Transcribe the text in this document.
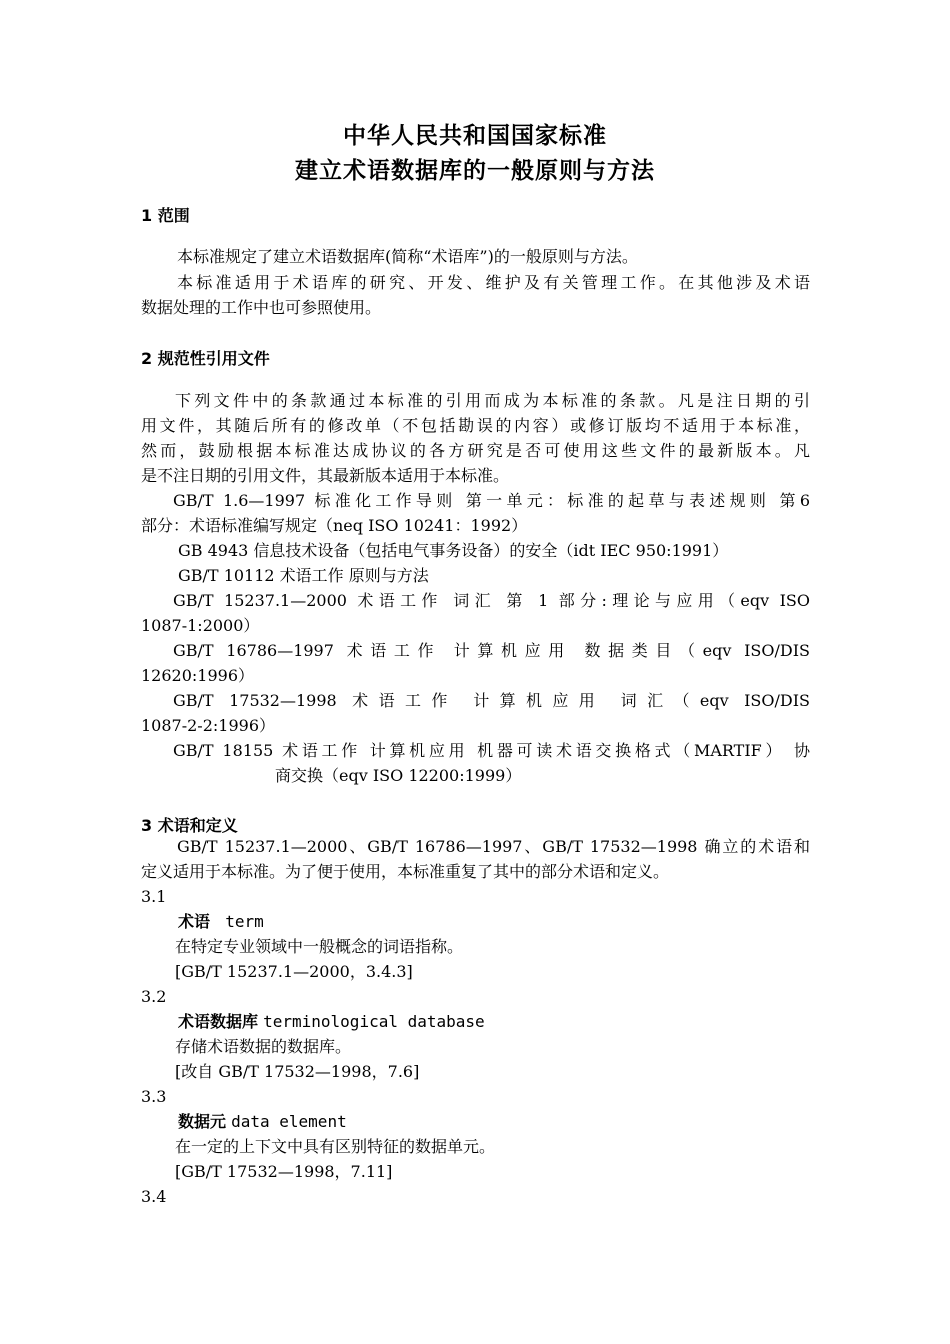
中华人民共和国国家标准
建立术语数据库的一般原则与方法
1 范围
本标准规定了建立术语数据库(简称“术语库”)的一般原则与方法。
本标准适用于术语库的研究、开发、维护及有关管理工作。在其他涉及术语
数据处理的工作中也可参照使用。
2 规范性引用文件
下列文件中的条款通过本标准的引用而成为本标准的条款。凡是注日期的引
用文件，其随后所有的修改单（不包括勘误的内容）或修订版均不适用于本标准，
然而，鼓励根据本标准达成协议的各方研究是否可使用这些文件的最新版本。凡
是不注日期的引用文件，其最新版本适用于本标准。
GB/T 1.6—1997 标准化工作导则 第一单元：标准的起草与表述规则 第6
部分：术语标准编写规定（neq ISO 10241：1992）
GB 4943 信息技术设备（包括电气事务设备）的安全（idt IEC 950:1991）
GB/T 10112 术语工作 原则与方法
GB/T 15237.1—2000 术语工作 词汇 第 1 部分:理论与应用（eqv ISO
1087-1:2000）
GB/T 16786—1997 术语工作 计算机应用 数据类目（eqv ISO/DIS
12620:1996）
GB/T 17532—1998 术语工作 计算机应用 词汇（eqv ISO/DIS
1087-2-2:1996）
GB/T 18155 术语工作 计算机应用 机器可读术语交换格式（MARTIF） 协
商交换（eqv ISO 12200:1999）
3 术语和定义
GB/T 15237.1—2000、GB/T 16786—1997、GB/T 17532—1998 确立的术语和
定义适用于本标准。为了便于使用，本标准重复了其中的部分术语和定义。
3.1
术语 term
在特定专业领域中一般概念的词语指称。
[GB/T 15237.1—2000，3.4.3]
3.2
术语数据库 terminological database
存储术语数据的数据库。
[改自 GB/T 17532—1998，7.6]
3.3
数据元 data element
在一定的上下文中具有区别特征的数据单元。
[GB/T 17532—1998，7.11]
3.4
